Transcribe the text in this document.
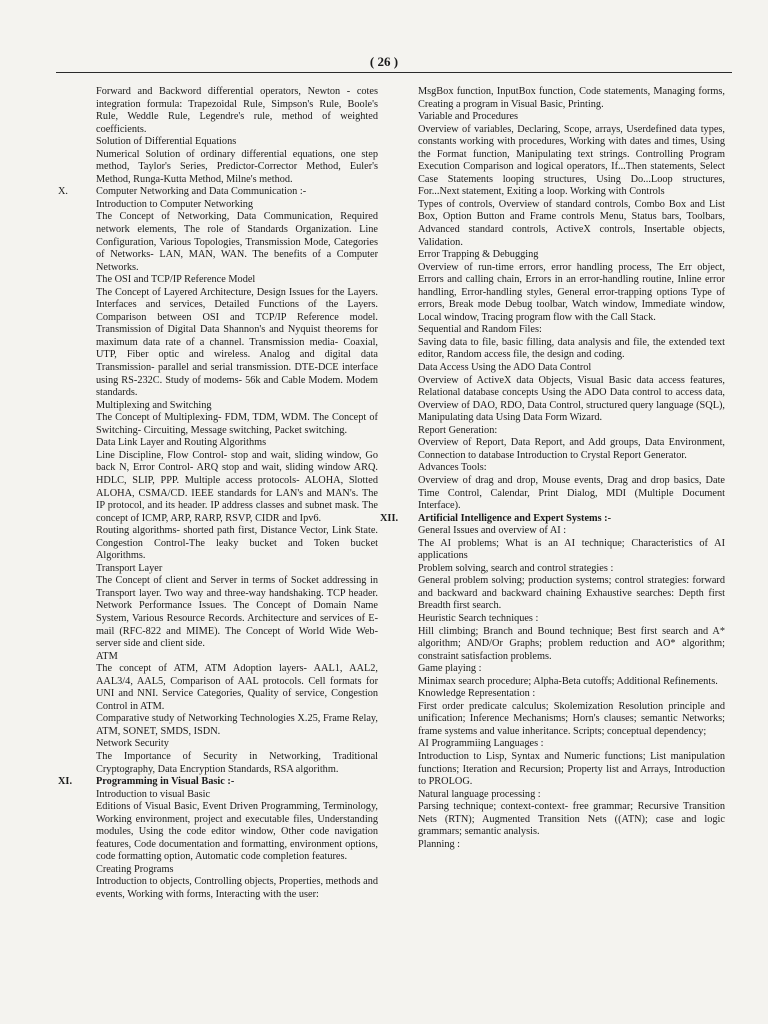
( 26 )
Forward and Backword differential operators, Newton - cotes integration formula: Trapezoidal Rule, Simpson's Rule, Boole's Rule, Weddle Rule, Legendre's rule, method of weighted coefficients.
Solution of Differential Equations
Numerical Solution of ordinary differential equations, one step method, Taylor's Series, Predictor-Corrector Method, Euler's Method, Runga-Kutta Method, Milne's method.
X.	Computer Networking and Data Communication :-
Introduction to Computer Networking
The Concept of Networking, Data Communication, Required network elements, The role of Standards Organization. Line Configuration, Various Topologies, Transmission Mode, Categories of Networks- LAN, MAN, WAN. The benefits of a Computer Networks.
The OSI and TCP/IP Reference Model
The Concept of Layered Architecture, Design Issues for the Layers. Interfaces and services, Detailed Functions of the Layers. Comparison between OSI and TCP/IP Reference model. Transmission of Digital Data Shannon's and Nyquist theorems for maximum data rate of a channel. Transmission media- Coaxial, UTP, Fiber optic and wireless. Analog and digital data Transmission- parallel and serial transmission. DTE-DCE interface using RS-232C. Study of modems- 56k and Cable Modem. Modem standards.
Multiplexing and Switching
The Concept of Multiplexing- FDM, TDM, WDM. The Concept of Switching- Circuiting, Message switching, Packet switching.
Data Link Layer and Routing Algorithms
Line Discipline, Flow Control- stop and wait, sliding window, Go back N, Error Control- ARQ stop and wait, sliding window ARQ. HDLC, SLIP, PPP. Multiple access protocols- ALOHA, Slotted ALOHA, CSMA/CD. IEEE standards for LAN's and MAN's. The IP protocol, and its header. IP address classes and subnet mask. The concept of ICMP, ARP, RARP, RSVP, CIDR and Ipv6.
Routing algorithms- shorted path first, Distance Vector, Link State. Congestion Control-The leaky bucket and Token bucket Algorithms.
Transport Layer
The Concept of client and Server in terms of Socket addressing in Transport layer. Two way and three-way handshaking. TCP header. Network Performance Issues. The Concept of Domain Name System, Various Resource Records. Architecture and services of E-mail (RFC-822 and MIME). The Concept of World Wide Web- server side and client side.
ATM
The concept of ATM, ATM Adoption layers- AAL1, AAL2, AAL3/4, AAL5, Comparison of AAL protocols. Cell formats for UNI and NNI. Service Categories, Quality of service, Congestion Control in ATM.
Comparative study of Networking Technologies X.25, Frame Relay, ATM, SONET, SMDS, ISDN.
Network Security
The Importance of Security in Networking, Traditional Cryptography, Data Encryption Standards, RSA algorithm.
XI.	Programming in Visual Basic :-
Introduction to visual Basic
Editions of Visual Basic, Event Driven Programming, Terminology, Working environment, project and executable files, Understanding modules, Using the code editor window, Other code navigation features, Code documentation and formatting, environment options, code formatting option, Automatic code completion features.
Creating Programs
Introduction to objects, Controlling objects, Properties, methods and events, Working with forms, Interacting with the user:
MsgBox function, InputBox function, Code statements, Managing forms, Creating a program in Visual Basic, Printing.
Variable and Procedures
Overview of variables, Declaring, Scope, arrays, Userdefined data types, constants working with procedures, Working with dates and times, Using the Format function, Manipulating text strings. Controlling Program Execution Comparison and logical operators, If...Then statements, Select Case Statements looping structures, Using Do...Loop structures, For...Next statement, Exiting a loop. Working with Controls
Types of controls, Overview of standard controls, Combo Box and List Box, Option Button and Frame controls Menu, Status bars, Toolbars, Advanced standard controls, ActiveX controls, Insertable objects, Validation.
Error Trapping & Debugging
Overview of run-time errors, error handling process, The Err object, Errors and calling chain, Errors in an error-handling routine, Inline error handling, Error-handling styles, General error-trapping options Type of errors, Break mode Debug toolbar, Watch window, Immediate window, Local window, Tracing program flow with the Call Stack.
Sequential and Random Files:
Saving data to file, basic filling, data analysis and file, the extended text editor, Random access file, the design and coding.
Data Access Using the ADO Data Control
Overview of ActiveX data Objects, Visual Basic data access features, Relational database concepts Using the ADO Data control to access data, Overview of DAO, RDO, Data Control, structured query language (SQL), Manipulating data Using Data Form Wizard.
Report Generation:
Overview of Report, Data Report, and Add groups, Data Environment, Connection to database Introduction to Crystal Report Generator.
Advances Tools:
Overview of drag and drop, Mouse events, Drag and drop basics, Date Time Control, Calendar, Print Dialog, MDI (Multiple Document Interface).
XII.	Artificial Intelligence and Expert Systems :-
General Issues and overview of AI :
The AI problems; What is an AI technique; Characteristics of AI applications
Problem solving, search and control strategies :
General problem solving; production systems; control strategies: forward and backward and backward chaining Exhaustive searches: Depth first Breadth first search.
Heuristic Search techniques :
Hill climbing; Branch and Bound technique; Best first search and A* algorithm; AND/Or Graphs; problem reduction and AO* algorithm; constraint satisfaction problems.
Game playing :
Minimax search procedure; Alpha-Beta cutoffs; Additional Refinements.
Knowledge Representation :
First order predicate calculus; Skolemization Resolution principle and unification; Inference Mechanisms; Horn's clauses; semantic Networks; frame systems and value inheritance. Scripts; conceptual dependency;
AI Programmiing Languages :
Introduction to Lisp, Syntax and Numeric functions; List manipulation functions; Iteration and Recursion; Property list and Arrays, Introduction to PROLOG.
Natural language processing :
Parsing technique; context-context- free grammar; Recursive Transition Nets (RTN); Augmented Transition Nets ((ATN); case and logic grammars; semantic analysis.
Planning :
